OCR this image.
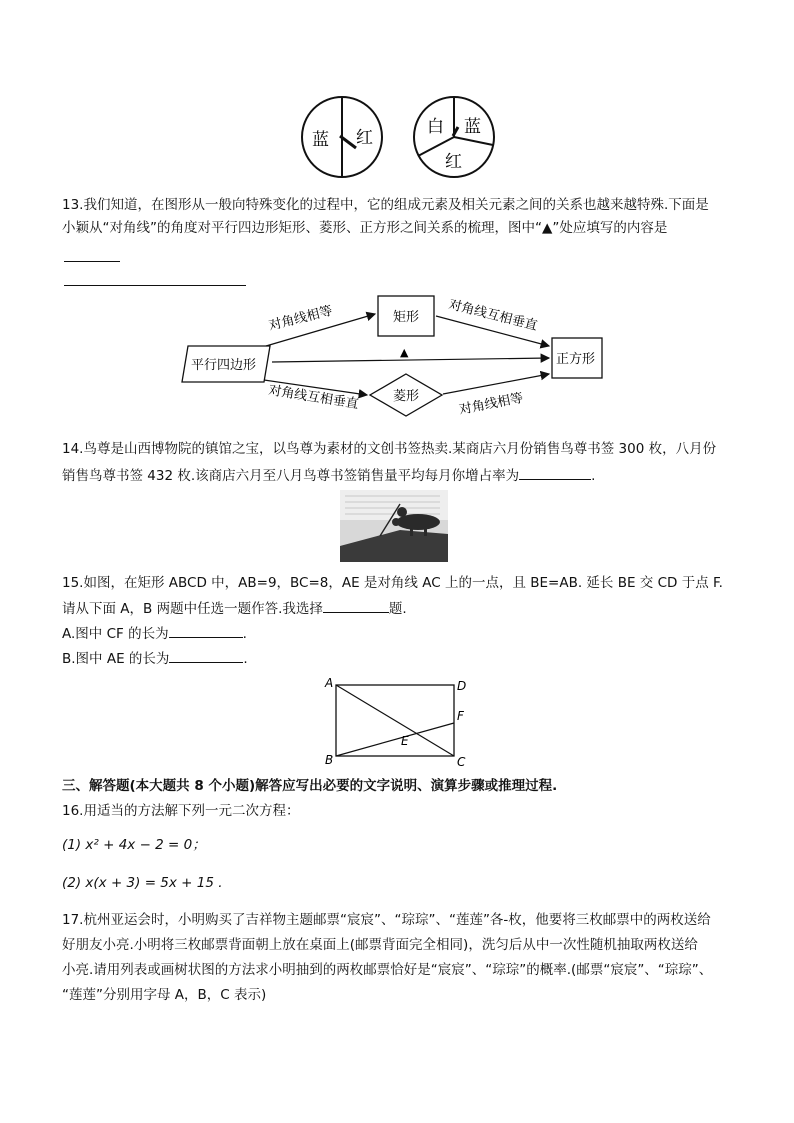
蓝 红
白 蓝
红
13.我们知道，在图形从一般向特殊变化的过程中，它的组成元素及相关元素之间的关系也越来越特殊.下面是
小颖从“对角线”的角度对平行四边形矩形、菱形、正方形之间关系的梳理，图中“▲”处应填写的内容是
平行四边形
矩形
菱形
正方形
对角线相等	对角线互相垂直
对角线互相垂直	对角线相等
▲
14.鸟尊是山西博物院的镇馆之宝，以鸟尊为素材的文创书签热卖.某商店六月份销售鸟尊书签 300 枚，八月份
销售鸟尊书签 432 枚.该商店六月至八月鸟尊书签销售量平均每月你增占率为	.
15.如图，在矩形 ABCD 中，AB=9，BC=8，AE 是对角线 AC 上的一点，且 BE=AB. 延长 BE 交 CD 于点 F.
请从下面 A，B 两题中任选一题作答.我选择	题.
A.图中 CF 的长为	.
B.图中 AE 的长为	.
A	D
F
E
B	C
三、解答题(本大题共 8 个小题)解答应写出必要的文字说明、演算步骤或推理过程.
16.用适当的方法解下列一元二次方程：
(1) x² + 4x − 2 = 0；
(2) x(x + 3) = 5x + 15 .
17.杭州亚运会时，小明购买了吉祥物主题邮票“宸宸”、“琮琮”、“莲莲”各-枚，他要将三枚邮票中的两枚送给
好朋友小亮.小明将三枚邮票背面朝上放在桌面上(邮票背面完全相同)，洗匀后从中一次性随机抽取两枚送给
小亮.请用列表或画树状图的方法求小明抽到的两枚邮票恰好是“宸宸”、“琮琮”的概率.(邮票“宸宸”、“琮琮”、
“莲莲”分别用字母 A，B，C 表示)
